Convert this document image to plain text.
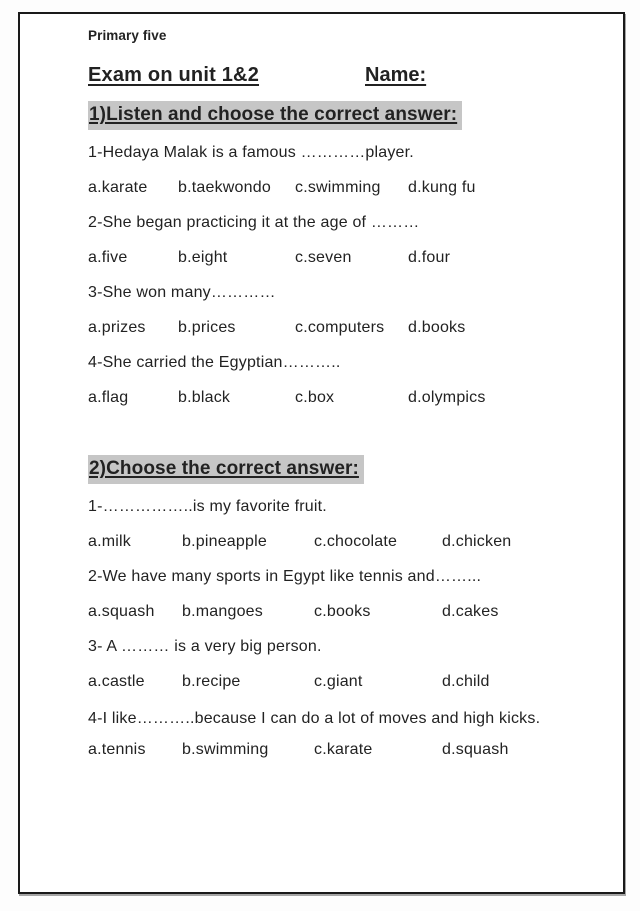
Primary five
Exam on unit 1&2	Name:
1)Listen and choose the correct answer:
1-Hedaya Malak is a famous …………player.
a.karate	b.taekwondo	c.swimming	d.kung fu
2-She began practicing it at the age of ………
a.five	b.eight	c.seven	d.four
3-She won many…………
a.prizes	b.prices	c.computers	d.books
4-She carried the Egyptian………..
a.flag	b.black	c.box	d.olympics
2)Choose the correct answer:
1-……………..is my favorite fruit.
a.milk	b.pineapple	c.chocolate	d.chicken
2-We have many sports in Egypt like tennis and……...
a.squash	b.mangoes	c.books	d.cakes
3- A ……… is a very big person.
a.castle	b.recipe	c.giant	d.child
4-I like………..because I can do a lot of moves and high kicks.
a.tennis	b.swimming	c.karate	d.squash
